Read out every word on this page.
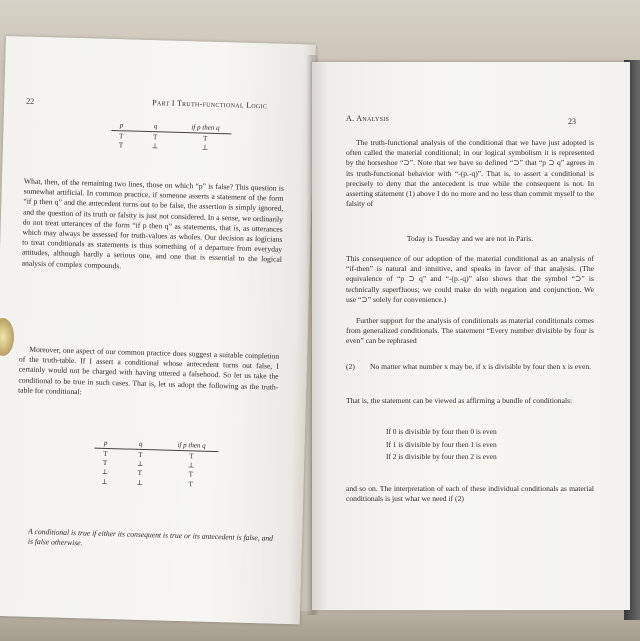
22	Part I Truth-functional Logic
p	q	if p then q
T	T	T
T	⊥	⊥
What, then, of the remaining two lines, those on which “p” is false? This question is somewhat artificial. In common practice, if someone asserts a statement of the form “if p then q” and the antecedent turns out to be false, the assertion is simply ignored, and the question of its truth or falsity is just not considered. In a sense, we ordinarily do not treat utterances of the form “if p then q” as statements, that is, as utterances which may always be assessed for truth-values as wholes. Our decision as logicians to treat conditionals as statements is thus something of a departure from everyday attitudes, although hardly a serious one, and one that is essential to the logical analysis of complex compounds.
Moreover, one aspect of our common practice does suggest a suitable completion of the truth-table. If I assert a conditional whose antecedent turns out false, I certainly would not be charged with having uttered a falsehood. So let us take the conditional to be true in such cases. That is, let us adopt the following as the truth-table for conditional:
p	q	if p then q
T	T	T
T	⊥	⊥
⊥	T	T
⊥	⊥	T
A conditional is true if either its consequent is true or its antecedent is false, and is false otherwise.
A. Analysis	23
The truth-functional analysis of the conditional that we have just adopted is often called the material conditional; in our logical symbolism it is represented by the horseshoe “⊃”. Note that we have so defined “⊃” that “p ⊃ q” agrees in its truth-functional behavior with “-(p.-q)”. That is, to assert a conditional is precisely to deny that the antecedent is true while the consequent is not. In asserting statement (1) above I do no more and no less than commit myself to the falsity of
Today is Tuesday and we are not in Paris.
This consequence of our adoption of the material conditional as an analysis of “if-then” is natural and intuitive, and speaks in favor of that analysis. (The equivalence of “p ⊃ q” and “-(p.-q)” also shows that the symbol “⊃” is technically superfluous; we could make do with negation and conjunction. We use “⊃” solely for convenience.)
Further support for the analysis of conditionals as material conditionals comes from generalized conditionals. The statement “Every number divisible by four is even” can be rephrased
(2)	No matter what number x may be, if x is divisible by four then x is even.
That is, the statement can be viewed as affirming a bundle of conditionals:
If 0 is divisible by four then 0 is even
If 1 is divisible by four then 1 is even
If 2 is divisible by four then 2 is even
and so on. The interpretation of each of these individual conditionals as material conditionals is just what we need if (2)
